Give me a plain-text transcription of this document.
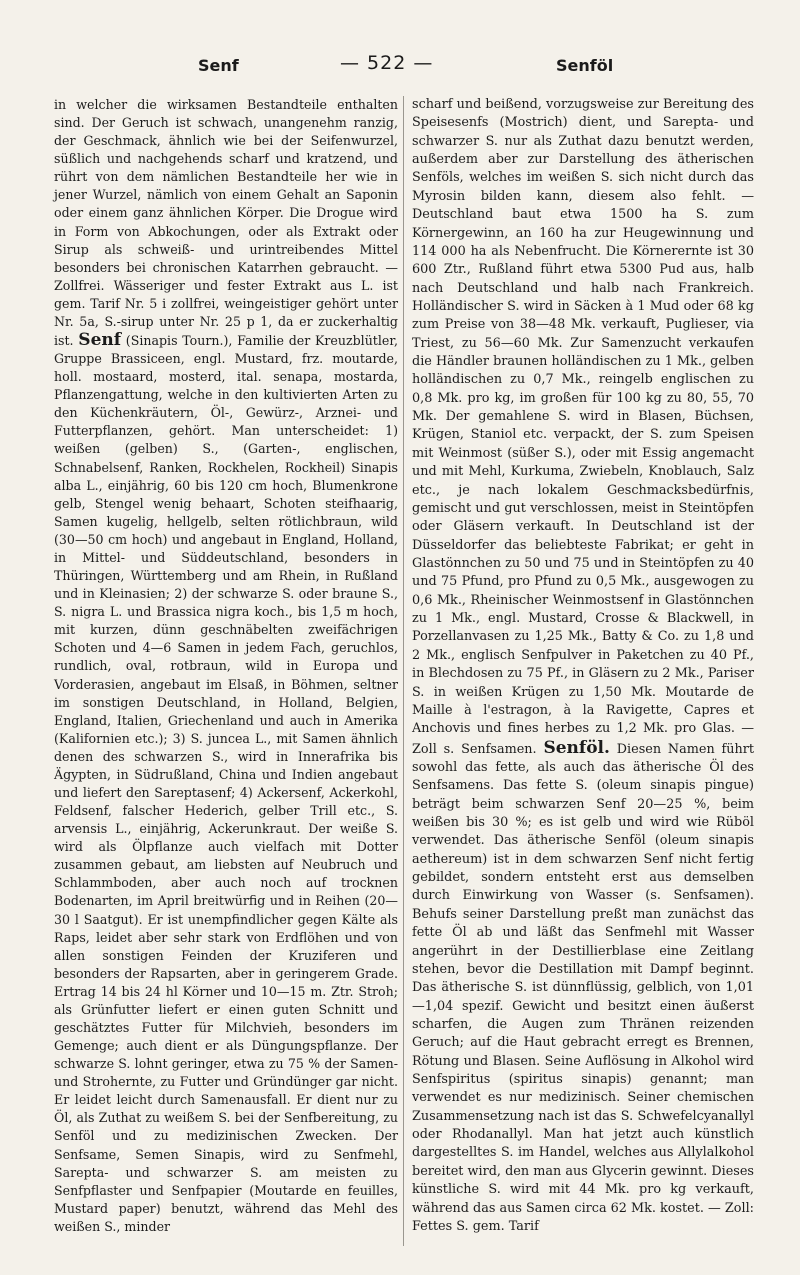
Senf	— 522 —	Senföl

in welcher die wirksamen Bestandteile enthalten sind. Der Geruch ist schwach, unangenehm ranzig, der Geschmack, ähnlich wie bei der Seifenwurzel, süßlich und nachgehends scharf und kratzend, und rührt von dem nämlichen Bestandteile her wie in jener Wurzel, nämlich von einem Gehalt an Saponin oder einem ganz ähnlichen Körper. Die Drogue wird in Form von Abkochungen, oder als Extrakt oder Sirup als schweiß- und urintreibendes Mittel besonders bei chronischen Katarrhen gebraucht. — Zollfrei. Wässeriger und fester Extrakt aus L. ist gem. Tarif Nr. 5 i zollfrei, weingeistiger gehört unter Nr. 5a, S.-sirup unter Nr. 25 p 1, da er zuckerhaltig ist. Senf (Sinapis Tourn.), Familie der Kreuzblütler, Gruppe Brassiceen, engl. Mustard, frz. moutarde, holl. mostaard, mosterd, ital. senapa, mostarda, Pflanzengattung, welche in den kultivierten Arten zu den Küchenkräutern, Öl-, Gewürz-, Arznei- und Futterpflanzen, gehört. Man unterscheidet: 1) weißen (gelben) S., (Garten-, englischen, Schnabelsenf, Ranken, Rockhelen, Rockheil) Sinapis alba L., einjährig, 60 bis 120 cm hoch, Blumenkrone gelb, Stengel wenig behaart, Schoten steifhaarig, Samen kugelig, hellgelb, selten rötlichbraun, wild (30—50 cm hoch) und angebaut in England, Holland, in Mittel- und Süddeutschland, besonders in Thüringen, Württemberg und am Rhein, in Rußland und in Kleinasien; 2) der schwarze S. oder braune S., S. nigra L. und Brassica nigra koch., bis 1,5 m hoch, mit kurzen, dünn geschnäbelten zweifächrigen Schoten und 4—6 Samen in jedem Fach, geruchlos, rundlich, oval, rotbraun, wild in Europa und Vorderasien, angebaut im Elsaß, in Böhmen, seltner im sonstigen Deutschland, in Holland, Belgien, England, Italien, Griechenland und auch in Amerika (Kalifornien etc.); 3) S. juncea L., mit Samen ähnlich denen des schwarzen S., wird in Innerafrika bis Ägypten, in Südrußland, China und Indien angebaut und liefert den Sareptasenf; 4) Ackersenf, Ackerkohl, Feldsenf, falscher Hederich, gelber Trill etc., S. arvensis L., einjährig, Ackerunkraut. Der weiße S. wird als Ölpflanze auch vielfach mit Dotter zusammen gebaut, am liebsten auf Neubruch und Schlammboden, aber auch noch auf trocknen Bodenarten, im April breitwürfig und in Reihen (20—30 l Saatgut). Er ist unempfindlicher gegen Kälte als Raps, leidet aber sehr stark von Erdflöhen und von allen sonstigen Feinden der Kruziferen und besonders der Rapsarten, aber in geringerem Grade. Ertrag 14 bis 24 hl Körner und 10—15 m. Ztr. Stroh; als Grünfutter liefert er einen guten Schnitt und geschätztes Futter für Milchvieh, besonders im Gemenge; auch dient er als Düngungspflanze. Der schwarze S. lohnt geringer, etwa zu 75 % der Samen- und Strohernte, zu Futter und Gründünger gar nicht. Er leidet leicht durch Samenausfall. Er dient nur zu Öl, als Zuthat zu weißem S. bei der Senfbereitung, zu Senföl und zu medizinischen Zwecken. Der Senfsame, Semen Sinapis, wird zu Senfmehl, Sarepta- und schwarzer S. am meisten zu Senfpflaster und Senfpapier (Moutarde en feuilles, Mustard paper) benutzt, während das Mehl des weißen S., minder

scharf und beißend, vorzugsweise zur Bereitung des Speisesenfs (Mostrich) dient, und Sarepta- und schwarzer S. nur als Zuthat dazu benutzt werden, außerdem aber zur Darstellung des ätherischen Senföls, welches im weißen S. sich nicht durch das Myrosin bilden kann, diesem also fehlt. — Deutschland baut etwa 1500 ha S. zum Körnergewinn, an 160 ha zur Heugewinnung und 114 000 ha als Nebenfrucht. Die Körnerernte ist 30 600 Ztr., Rußland führt etwa 5300 Pud aus, halb nach Deutschland und halb nach Frankreich. Holländischer S. wird in Säcken à 1 Mud oder 68 kg zum Preise von 38—48 Mk. verkauft, Puglieser, via Triest, zu 56—60 Mk. Zur Samenzucht verkaufen die Händler braunen holländischen zu 1 Mk., gelben holländischen zu 0,7 Mk., reingelb englischen zu 0,8 Mk. pro kg, im großen für 100 kg zu 80, 55, 70 Mk. Der gemahlene S. wird in Blasen, Büchsen, Krügen, Staniol etc. verpackt, der S. zum Speisen mit Weinmost (süßer S.), oder mit Essig angemacht und mit Mehl, Kurkuma, Zwiebeln, Knoblauch, Salz etc., je nach lokalem Geschmacksbedürfnis, gemischt und gut verschlossen, meist in Steintöpfen oder Gläsern verkauft. In Deutschland ist der Düsseldorfer das beliebteste Fabrikat; er geht in Glastönnchen zu 50 und 75 und in Steintöpfen zu 40 und 75 Pfund, pro Pfund zu 0,5 Mk., ausgewogen zu 0,6 Mk., Rheinischer Weinmostsenf in Glastönnchen zu 1 Mk., engl. Mustard, Crosse & Blackwell, in Porzellanvasen zu 1,25 Mk., Batty & Co. zu 1,8 und 2 Mk., englisch Senfpulver in Paketchen zu 40 Pf., in Blechdosen zu 75 Pf., in Gläsern zu 2 Mk., Pariser S. in weißen Krügen zu 1,50 Mk. Moutarde de Maille à l'estragon, à la Ravigette, Capres et Anchovis und fines herbes zu 1,2 Mk. pro Glas. — Zoll s. Senfsamen. Senföl. Diesen Namen führt sowohl das fette, als auch das ätherische Öl des Senfsamens. Das fette S. (oleum sinapis pingue) beträgt beim schwarzen Senf 20—25 %, beim weißen bis 30 %; es ist gelb und wird wie Rüböl verwendet. Das ätherische Senföl (oleum sinapis aethereum) ist in dem schwarzen Senf nicht fertig gebildet, sondern entsteht erst aus demselben durch Einwirkung von Wasser (s. Senfsamen). Behufs seiner Darstellung preßt man zunächst das fette Öl ab und läßt das Senfmehl mit Wasser angerührt in der Destillierblase eine Zeitlang stehen, bevor die Destillation mit Dampf beginnt. Das ätherische S. ist dünnflüssig, gelblich, von 1,01—1,04 spezif. Gewicht und besitzt einen äußerst scharfen, die Augen zum Thränen reizenden Geruch; auf die Haut gebracht erregt es Brennen, Rötung und Blasen. Seine Auflösung in Alkohol wird Senfspiritus (spiritus sinapis) genannt; man verwendet es nur medizinisch. Seiner chemischen Zusammensetzung nach ist das S. Schwefelcyanallyl oder Rhodanallyl. Man hat jetzt auch künstlich dargestelltes S. im Handel, welches aus Allylalkohol bereitet wird, den man aus Glycerin gewinnt. Dieses künstliche S. wird mit 44 Mk. pro kg verkauft, während das aus Samen circa 62 Mk. kostet. — Zoll: Fettes S. gem. Tarif
